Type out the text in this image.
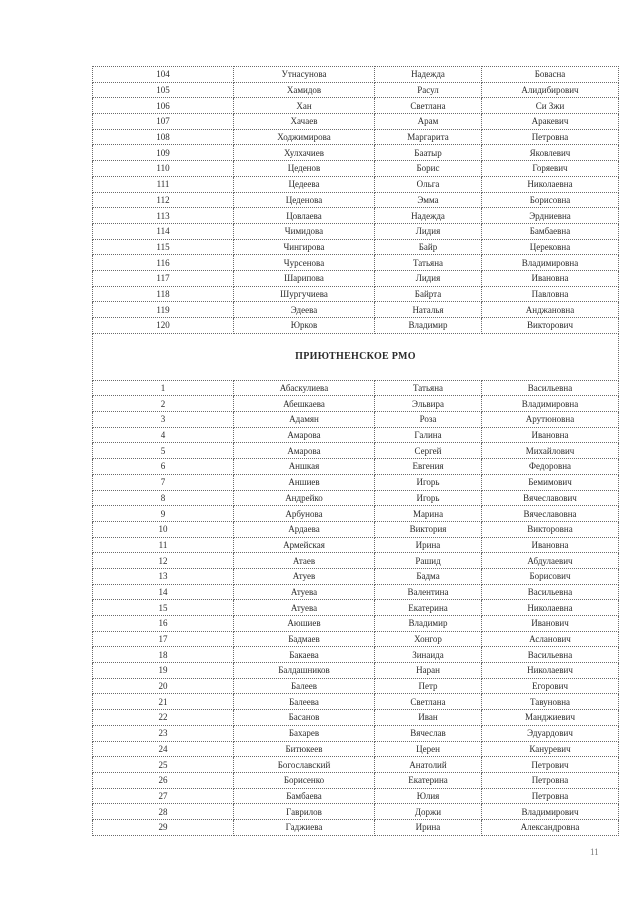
104	Утнасунова	Надежда	Бовасна
105	Хамидов	Расул	Алидибирович
106	Хан	Светлана	Си Зжи
107	Хачаев	Арам	Аракевич
108	Ходжимирова	Маргарита	Петровна
109	Хулхачиев	Баатыр	Яковлевич
110	Цеденов	Борис	Горяевич
111	Цедеева	Ольга	Николаевна
112	Цеденова	Эмма	Борисовна
113	Цовлаева	Надежда	Эрдниевна
114	Чимидова	Лидия	Бамбаевна
115	Чингирова	Байр	Церековна
116	Чурсенова	Татьяна	Владимировна
117	Шарипова	Лидия	Ивановна
118	Шургучиева	Байрта	Павловна
119	Эдеева	Наталья	Анджановна
120	Юрков	Владимир	Викторович
ПРИЮТНЕНСКОЕ РМО			
1	Абаскулиева	Татьяна	Васильевна
2	Абешкаева	Эльвира	Владимировна
3	Адамян	Роза	Арутюновна
4	Амарова	Галина	Ивановна
5	Амарова	Сергей	Михайлович
6	Аншкая	Евгения	Федоровна
7	Аншиев	Игорь	Бемимович
8	Андрейко	Игорь	Вячеславович
9	Арбунова	Марина	Вячеславовна
10	Ардаева	Виктория	Викторовна
11	Армейская	Ирина	Ивановна
12	Атаев	Рашид	Абдулаевич
13	Атуев	Бадма	Борисович
14	Атуева	Валентина	Васильевна
15	Атуева	Екатерина	Николаевна
16	Аюшиев	Владимир	Иванович
17	Бадмаев	Хонгор	Асланович
18	Бакаева	Зинаида	Васильевна
19	Балдашников	Наран	Николаевич
20	Балеев	Петр	Егорович
21	Балеева	Светлана	Тавуновна
22	Басанов	Иван	Манджиевич
23	Бахарев	Вячеслав	Эдуардович
24	Битюкеев	Церен	Кануревич
25	Богославский	Анатолий	Петрович
26	Борисенко	Екатерина	Петровна
27	Бамбаева	Юлия	Петровна
28	Гаврилов	Доржи	Владимирович
29	Гаджиева	Ирина	Александровна
11
